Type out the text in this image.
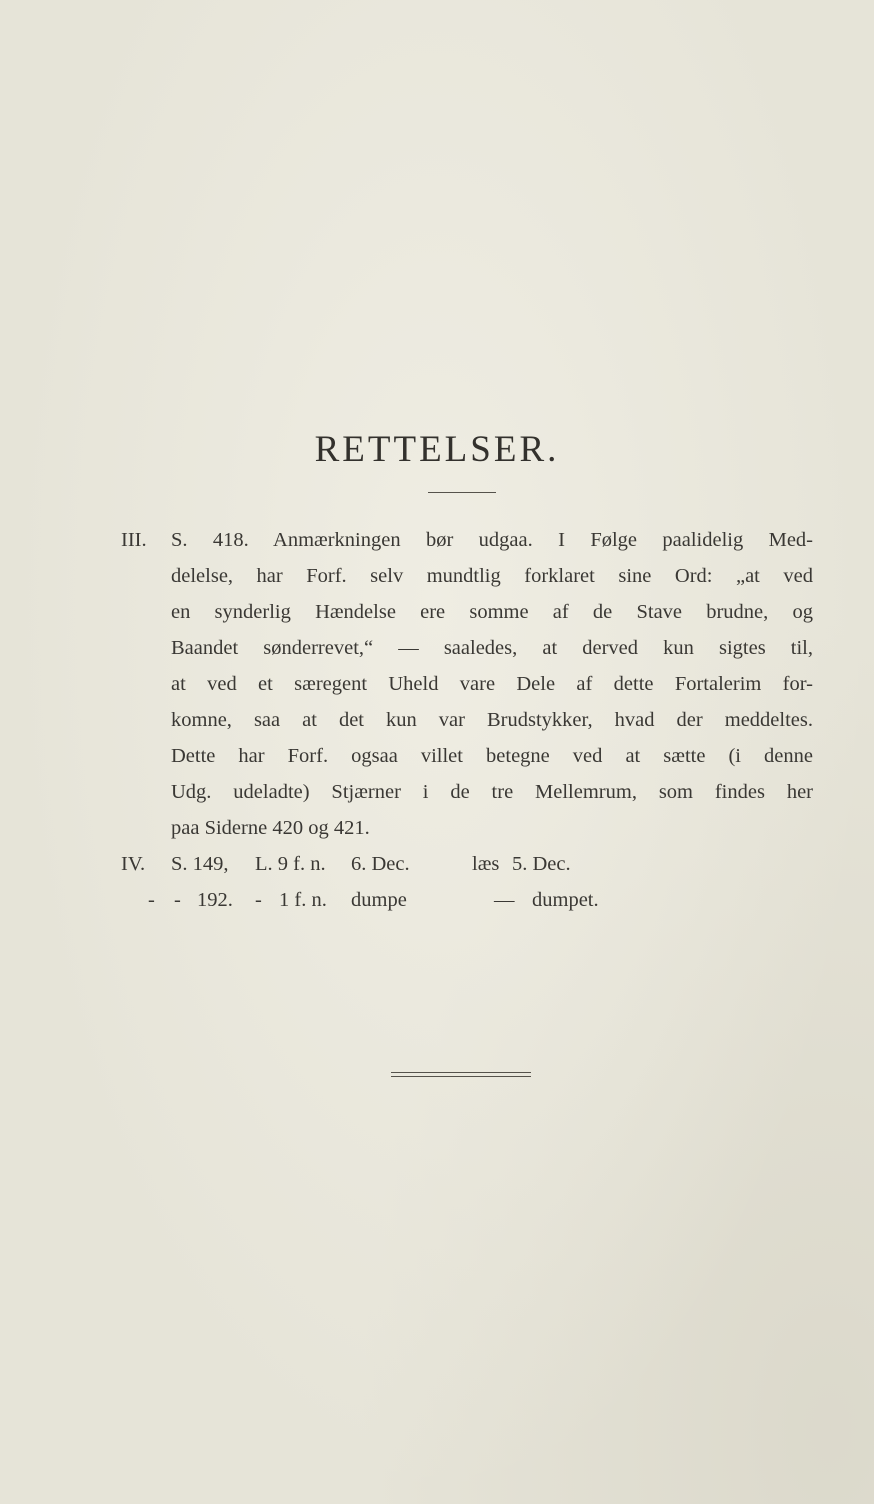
RETTELSER.
III.	S. 418. Anmærkningen bør udgaa. I Følge paalidelig Med-
delelse, har Forf. selv mundtlig forklaret sine Ord: „at ved
en synderlig Hændelse ere somme af de Stave brudne, og
Baandet sønderrevet,“ — saaledes, at derved kun sigtes til,
at ved et særegent Uheld vare Dele af dette Fortalerim for-
komne, saa at det kun var Brudstykker, hvad der meddeltes.
Dette har Forf. ogsaa villet betegne ved at sætte (i denne
Udg. udeladte) Stjærner i de tre Mellemrum, som findes her
paa Siderne 420 og 421.
IV.	S. 149, L. 9 f. n. 6. Dec.	læs 5. Dec.
- - 192. - 1 f. n. dumpe	— dumpet.
